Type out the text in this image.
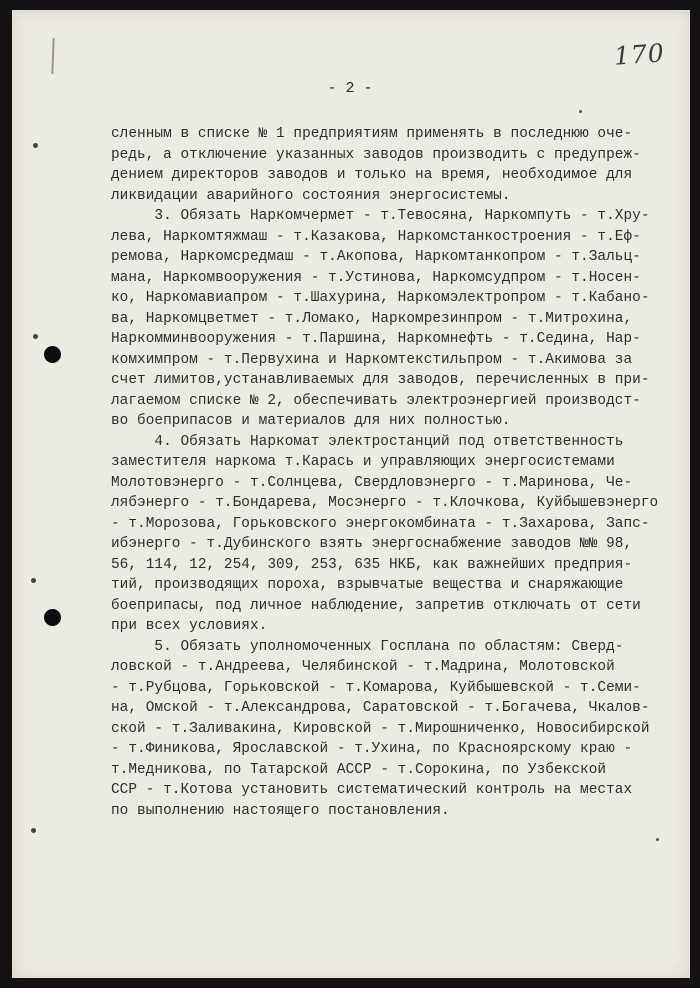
170
- 2 -
сленным в списке № 1 предприятиям применять в последнюю оче-
редь, а отключение указанных заводов производить с предупреж-
дением директоров заводов и только на время, необходимое для
ликвидации аварийного состояния энергосистемы.
3. Обязать Наркомчермет - т.Тевосяна, Наркомпуть - т.Хру-
лева, Наркомтяжмаш - т.Казакова, Наркомстанкостроения - т.Еф-
ремова, Наркомсредмаш - т.Акопова, Наркомтанкопром - т.Зальц-
мана, Наркомвооружения - т.Устинова, Наркомсудпром - т.Носен-
ко, Наркомавиапром - т.Шахурина, Наркомэлектропром - т.Кабано-
ва, Наркомцветмет - т.Ломако, Наркомрезинпром - т.Митрохина,
Наркомминвооружения - т.Паршина, Наркомнефть - т.Седина, Нар-
комхимпром - т.Первухина и Наркомтекстильпром - т.Акимова за
счет лимитов,устанавливаемых для заводов, перечисленных в при-
лагаемом списке № 2, обеспечивать электроэнергией производст-
во боеприпасов и материалов для них полностью.
4. Обязать Наркомат электростанций под ответственность
заместителя наркома т.Карась и управляющих энергосистемами
Молотовэнерго - т.Солнцева, Свердловэнерго - т.Маринова, Че-
лябэнерго - т.Бондарева, Мосэнерго - т.Клочкова, Куйбышевэнерго
- т.Морозова, Горьковского энергокомбината - т.Захарова, Запс-
ибэнерго - т.Дубинского взять энергоснабжение заводов №№ 98,
56, 114, 12, 254, 309, 253, 635 НКБ, как важнейших предприя-
тий, производящих пороха, взрывчатые вещества и снаряжающие
боеприпасы, под личное наблюдение, запретив отключать от сети
при всех условиях.
5. Обязать уполномоченных Госплана по областям: Сверд-
ловской - т.Андреева, Челябинской - т.Мадрина, Молотовской
- т.Рубцова, Горьковской - т.Комарова, Куйбышевской - т.Семи-
на, Омской - т.Александрова, Саратовской - т.Богачева, Чкалов-
ской - т.Заливакина, Кировской - т.Мирошниченко, Новосибирской
- т.Финикова, Ярославской - т.Ухина, по Красноярскому краю -
т.Медникова, по Татарской АССР - т.Сорокина, по Узбекской
ССР - т.Котова установить систематический контроль на местах
по выполнению настоящего постановления.
